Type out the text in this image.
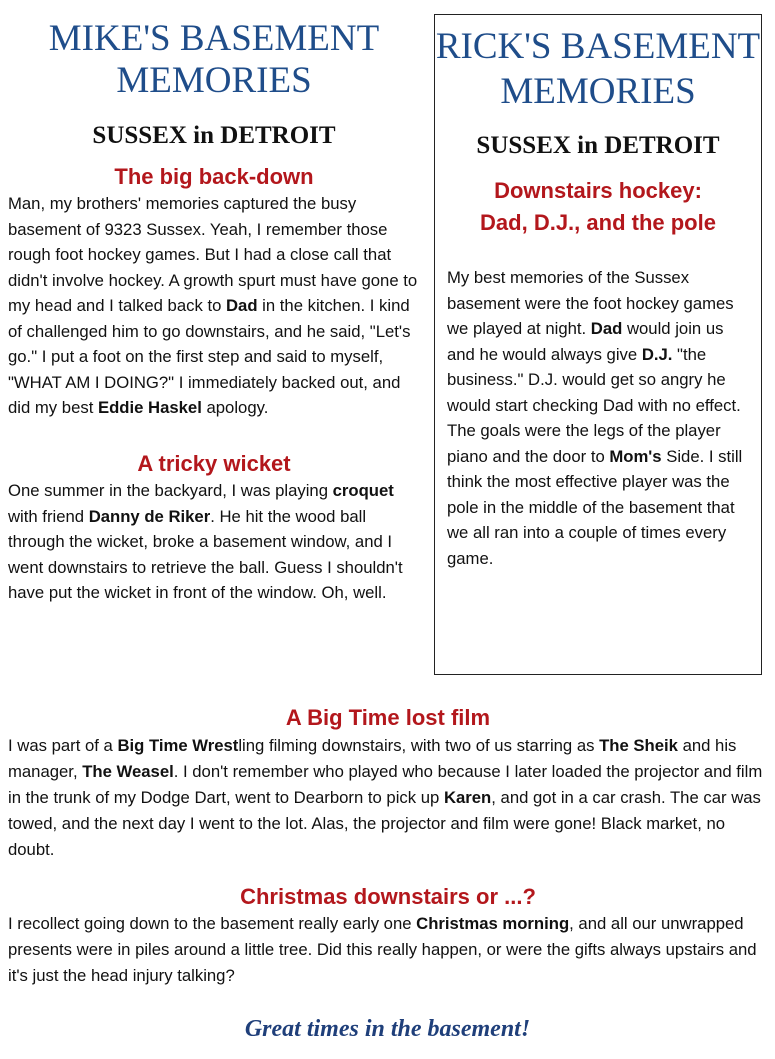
MIKE'S BASEMENT MEMORIES
SUSSEX in DETROIT
The big back-down

Man, my brothers' memories captured the busy basement of 9323 Sussex. Yeah, I remember those rough foot hockey games. But I had a close call that didn't involve hockey. A growth spurt must have gone to my head and I talked back to Dad in the kitchen. I kind of challenged him to go downstairs, and he said, "Let's go." I put a foot on the first step and said to myself, "WHAT AM I DOING?" I immediately backed out, and did my best Eddie Haskel apology.

A tricky wicket

One summer in the backyard, I was playing croquet with friend Danny de Riker. He hit the wood ball through the wicket, broke a basement window, and I went downstairs to retrieve the ball. Guess I shouldn't have put the wicket in front of the window. Oh, well.

RICK'S BASEMENT MEMORIES
SUSSEX in DETROIT
Downstairs hockey:
Dad, D.J., and the pole

My best memories of the Sussex basement were the foot hockey games we played at night. Dad would join us and he would always give D.J. "the business." D.J. would get so angry he would start checking Dad with no effect. The goals were the legs of the player piano and the door to Mom's Side. I still think the most effective player was the pole in the middle of the basement that we all ran into a couple of times every game.

A Big Time lost film

I was part of a Big Time Wrestling filming downstairs, with two of us starring as The Sheik and his manager, The Weasel. I don't remember who played who because I later loaded the projector and film in the trunk of my Dodge Dart, went to Dearborn to pick up Karen, and got in a car crash. The car was towed, and the next day I went to the lot. Alas, the projector and film were gone! Black market, no doubt.

Christmas downstairs or ...?

I recollect going down to the basement really early one Christmas morning, and all our unwrapped presents were in piles around a little tree. Did this really happen, or were the gifts always upstairs and it's just the head injury talking?

Great times in the basement!
